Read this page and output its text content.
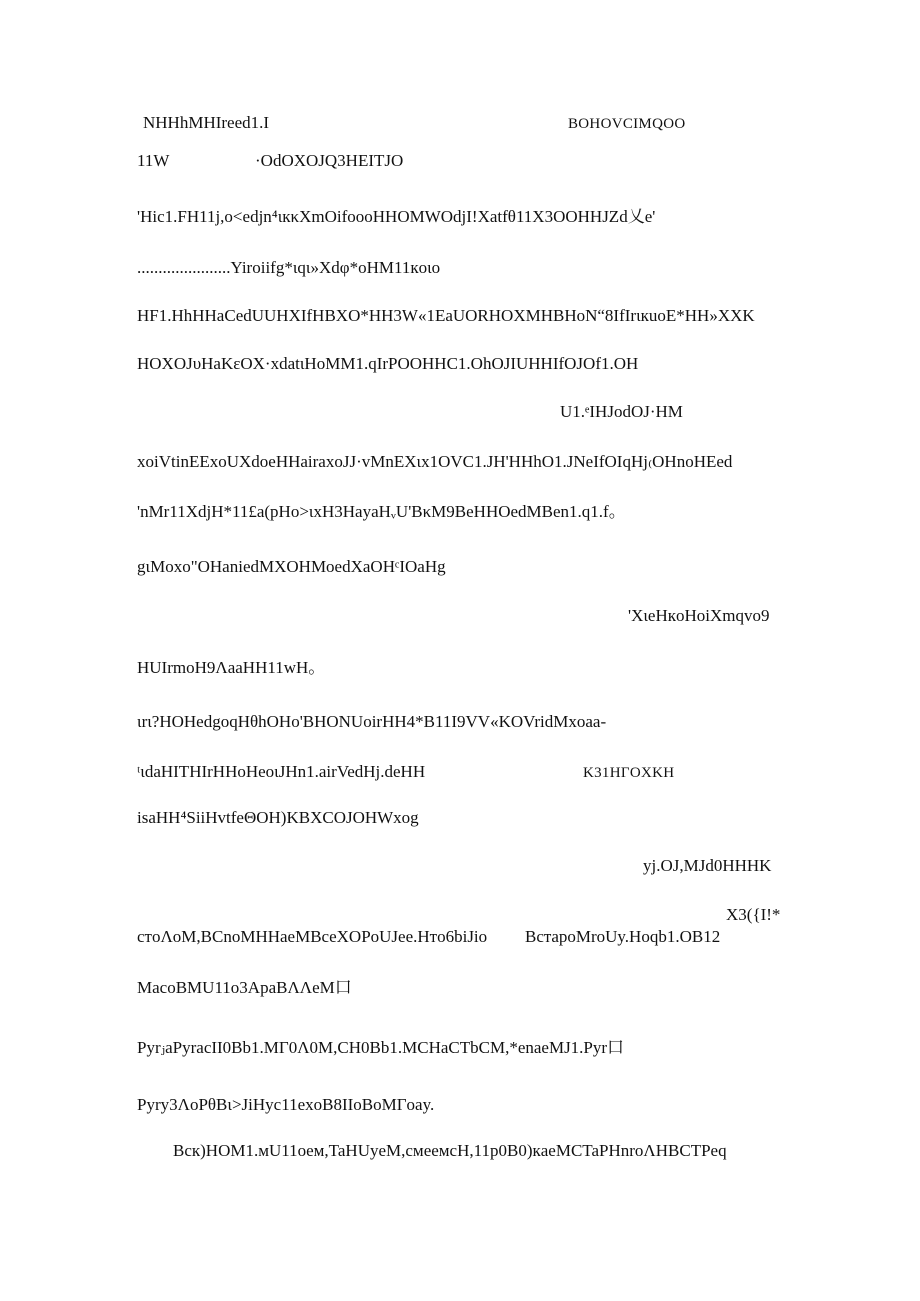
NHHhMHIreed1.I	BOHOVCIMQOO
11W	·OdOXOJQ3HEITJO
'Hic1.FH11j,o<edjn⁴ιкκXmOifoooHHOMWOdjI!Xatfθ11X3OOHHJZd乂e'
......................Yiroiifg*ιqι»Xdφ*oHM11кoιo
HF1.HhHHaCedUUHXIfHBXO*HH3W«1EaUORHOXMHBHoN“8IfIrιкuoE*HH»XXK
HOXOJυHaKεOX·xdatιHoMM1.qIrPOOHHC1.OhOJIUHHIfOJOf1.OH
U1.ᵉIHJodOJ·HM
xoiVtinEExoUXdoeHHairaxoJJ·vMnEXιx1OVC1.JH'HHhO1.JNeIfOIqHj₍OHnoHEed
'nMr11XdjH*11£a(pHo>ιxH3HayaHᵥU'BκM9BeHHOedMBen1.q1.f。
gιMoxo"OHaniedMXOHMoedXaOHᶜIOaHg
'XιeHкoHoiXmqvo9
HUIrmoH9ΛaaHH11wH。
ιrι?HOHedgoqHθhOHo'BHONUoirHH4*B11I9VV«KOVridMxoaa-
ᵗιdaHITHIrHHoHeoιJHn1.airVedHj.deHH	K31HΓOXKH
isaHH⁴SiiHvtfeΘOH)KBXCOJOHWxog
yj.OJ,MJd0HHHK
X3({I!*
cтoΛoM,BCnoMHHaeMBceXOPoUJee.Hтo6biJio BcтapoMroUy.Hoqb1.OB12
MacoBMU11o3ApaBΛΛeM口
PyrⱼaPyracII0Bb1.MΓ0Λ0M,CH0Bb1.MCHaCTbCM,*enaeMJ1.Pyr口
Pyry3ΛoPθBι>JiHyc11exoB8IIoBoMΓoay.
Bcк)HOM1.мU11oeм,TaHUyeM,cмeeмcH,11p0B0)кaeMCTaPHnroΛHBCTPeq
